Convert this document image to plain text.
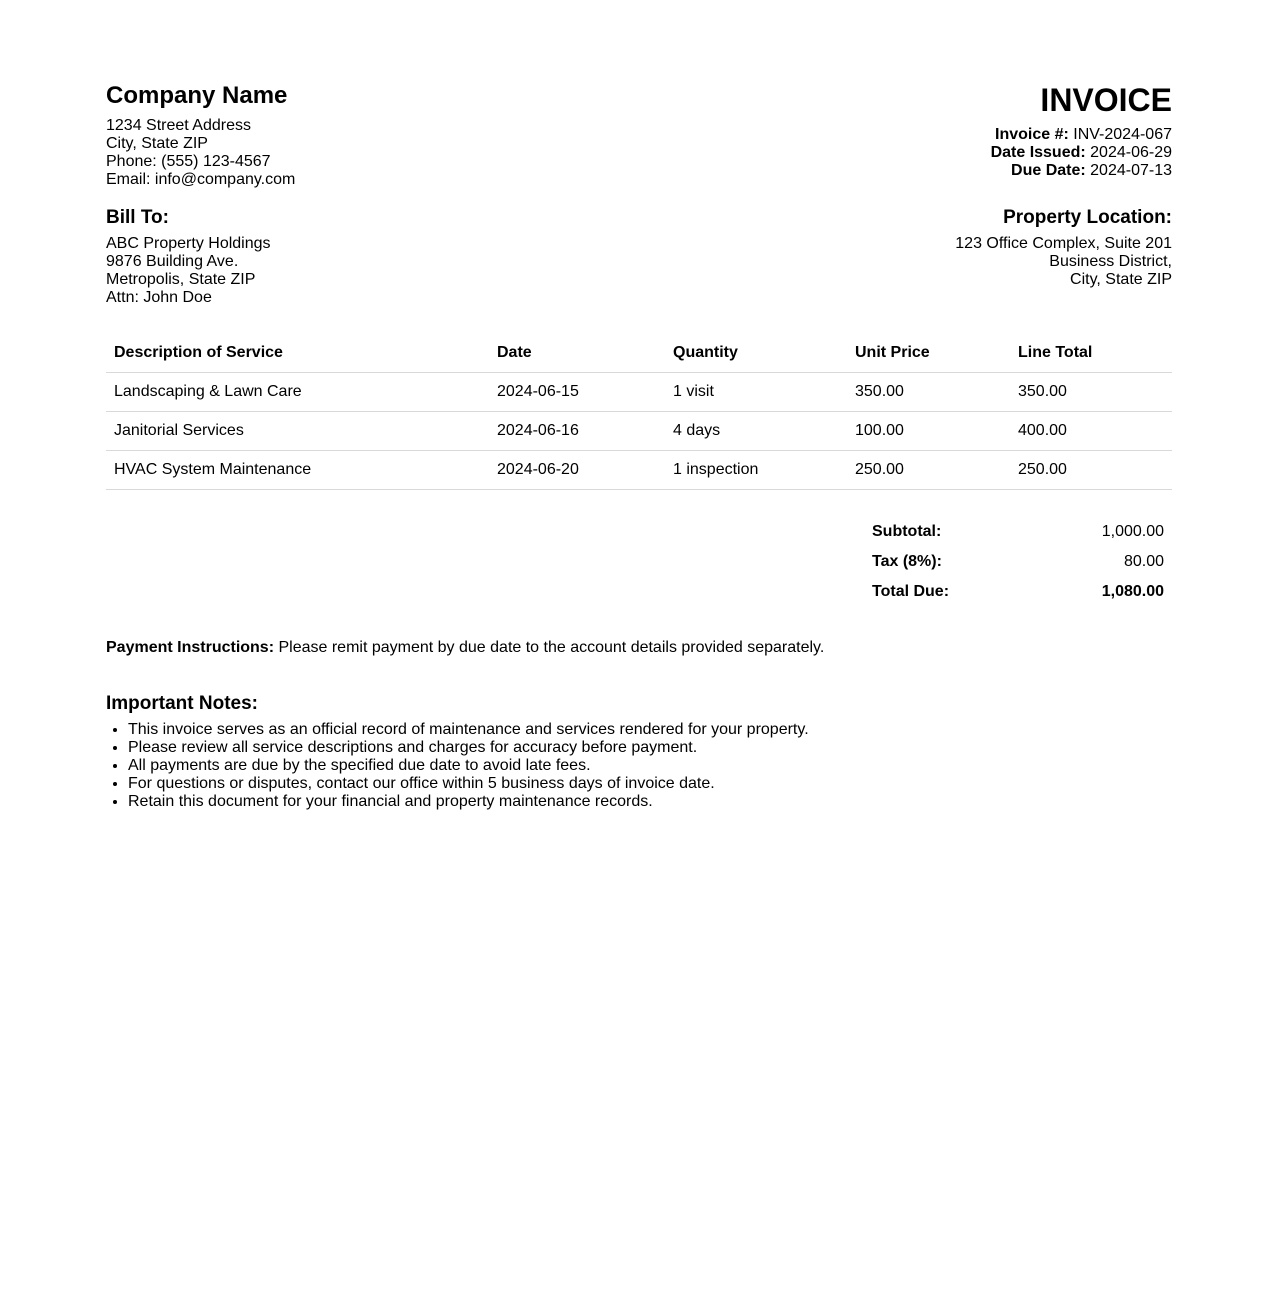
Company Name
1234 Street Address
City, State ZIP
Phone: (555) 123-4567
Email: info@company.com
INVOICE
Invoice #: INV-2024-067
Date Issued: 2024-06-29
Due Date: 2024-07-13
Bill To:
ABC Property Holdings
9876 Building Ave.
Metropolis, State ZIP
Attn: John Doe
Property Location:
123 Office Complex, Suite 201
Business District,
City, State ZIP
Description of Service	Date	Quantity	Unit Price	Line Total
Landscaping & Lawn Care	2024-06-15	1 visit	350.00	350.00
Janitorial Services	2024-06-16	4 days	100.00	400.00
HVAC System Maintenance	2024-06-20	1 inspection	250.00	250.00
Subtotal:	1,000.00
Tax (8%):	80.00
Total Due:	1,080.00
Payment Instructions: Please remit payment by due date to the account details provided separately.
Important Notes:
• This invoice serves as an official record of maintenance and services rendered for your property.
• Please review all service descriptions and charges for accuracy before payment.
• All payments are due by the specified due date to avoid late fees.
• For questions or disputes, contact our office within 5 business days of invoice date.
• Retain this document for your financial and property maintenance records.
